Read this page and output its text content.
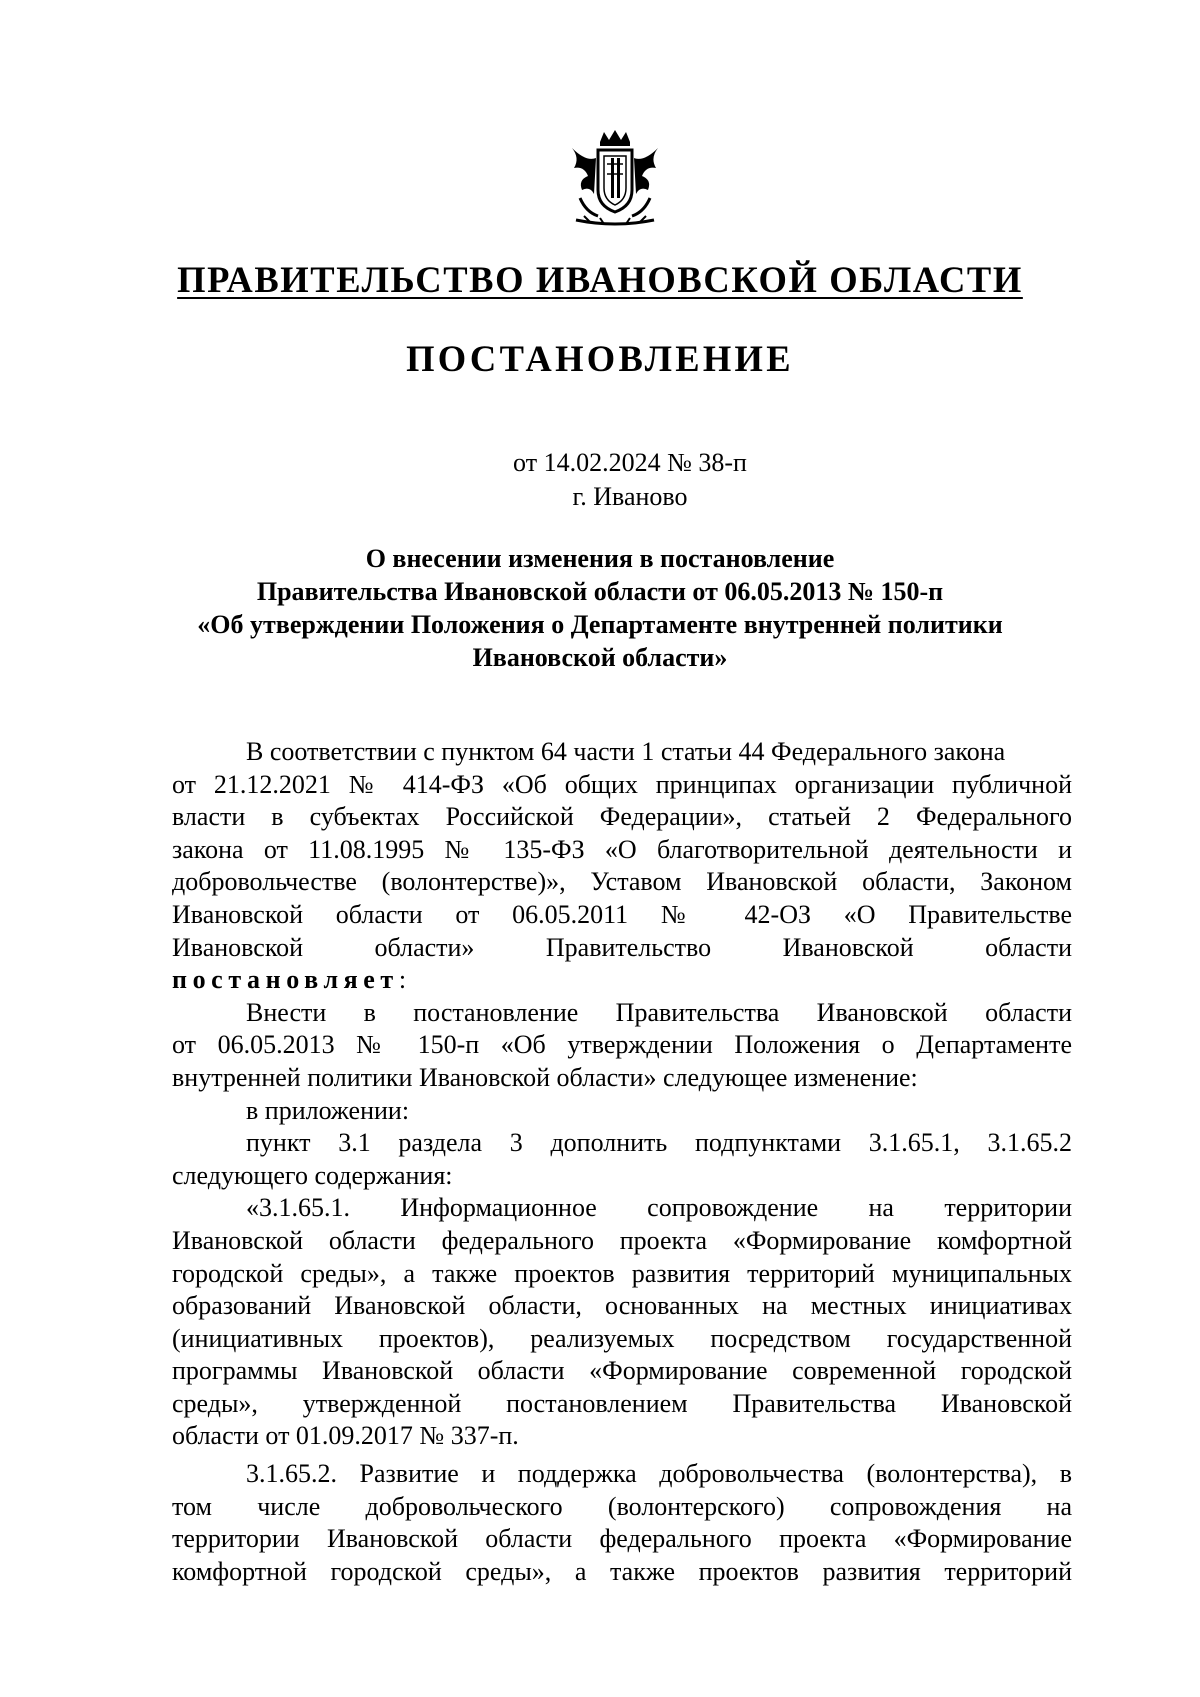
ПРАВИТЕЛЬСТВО ИВАНОВСКОЙ ОБЛАСТИ
ПОСТАНОВЛЕНИЕ
от 14.02.2024 № 38-п
г. Иваново
О внесении изменения в постановление
Правительства Ивановской области от 06.05.2013 № 150-п
«Об утверждении Положения о Департаменте внутренней политики
Ивановской области»
В соответствии с пунктом 64 части 1 статьи 44 Федерального закона
от 21.12.2021 № 414-ФЗ «Об общих принципах организации публичной
власти в субъектах Российской Федерации», статьей 2 Федерального
закона от 11.08.1995 № 135-ФЗ «О благотворительной деятельности и
добровольчестве (волонтерстве)», Уставом Ивановской области, Законом
Ивановской области от 06.05.2011 № 42-ОЗ «О Правительстве
Ивановской области» Правительство Ивановской области
постановляет:
Внести в постановление Правительства Ивановской области
от 06.05.2013 № 150-п «Об утверждении Положения о Департаменте
внутренней политики Ивановской области» следующее изменение:
в приложении:
пункт 3.1 раздела 3 дополнить подпунктами 3.1.65.1, 3.1.65.2
следующего содержания:
«3.1.65.1. Информационное сопровождение на территории
Ивановской области федерального проекта «Формирование комфортной
городской среды», а также проектов развития территорий муниципальных
образований Ивановской области, основанных на местных инициативах
(инициативных проектов), реализуемых посредством государственной
программы Ивановской области «Формирование современной городской
среды», утвержденной постановлением Правительства Ивановской
области от 01.09.2017 № 337-п.
3.1.65.2. Развитие и поддержка добровольчества (волонтерства), в
том числе добровольческого (волонтерского) сопровождения на
территории Ивановской области федерального проекта «Формирование
комфортной городской среды», а также проектов развития территорий
